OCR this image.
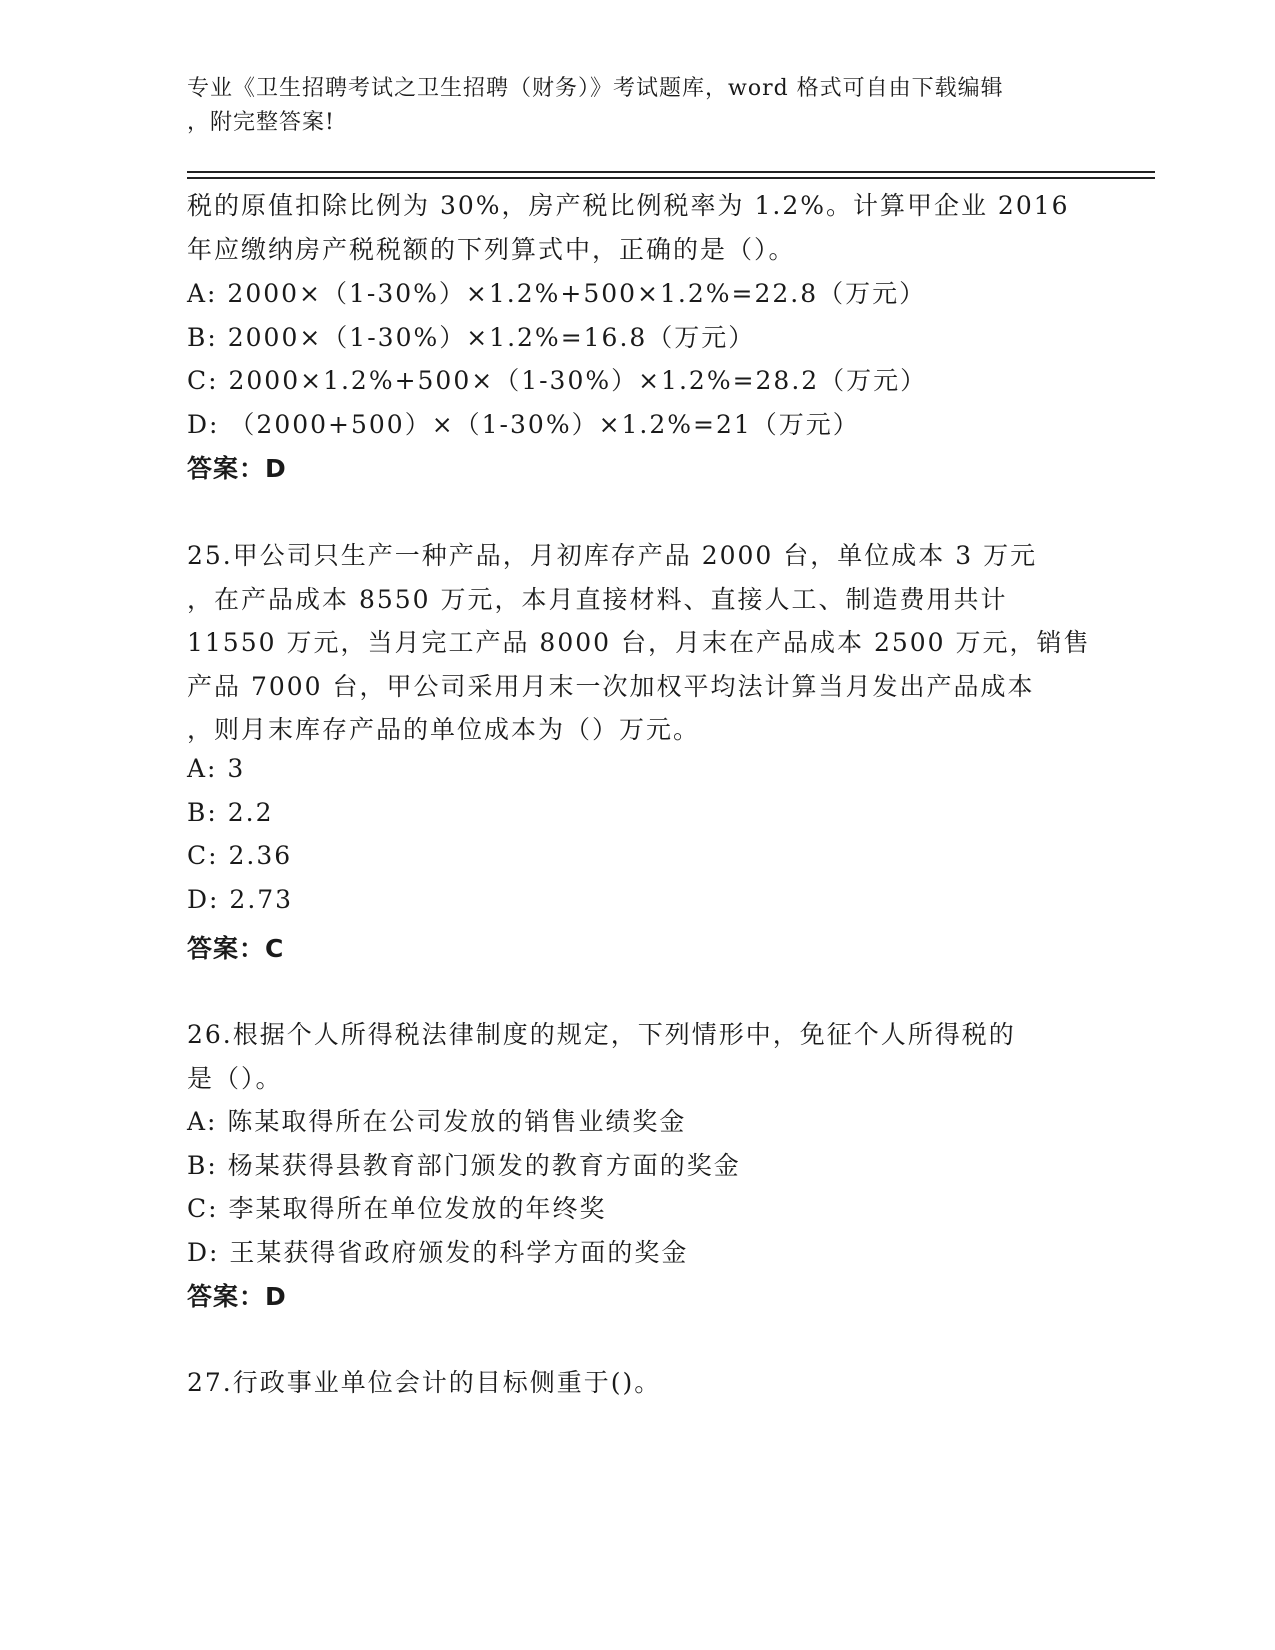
专业《卫生招聘考试之卫生招聘（财务）》考试题库，word 格式可自由下载编辑
，附完整答案!
税的原值扣除比例为 30%，房产税比例税率为 1.2%。计算甲企业 2016
年应缴纳房产税税额的下列算式中，正确的是（）。
A: 2000×（1-30%）×1.2%+500×1.2%=22.8（万元）
B: 2000×（1-30%）×1.2%=16.8（万元）
C: 2000×1.2%+500×（1-30%）×1.2%=28.2（万元）
D: （2000+500）×（1-30%）×1.2%=21（万元）
答案：D
25.甲公司只生产一种产品，月初库存产品 2000 台，单位成本 3 万元
，在产品成本 8550 万元，本月直接材料、直接人工、制造费用共计
11550 万元，当月完工产品 8000 台，月末在产品成本 2500 万元，销售
产品 7000 台，甲公司采用月末一次加权平均法计算当月发出产品成本
，则月末库存产品的单位成本为（）万元。
A: 3
B: 2.2
C: 2.36
D: 2.73
答案：C
26.根据个人所得税法律制度的规定，下列情形中，免征个人所得税的
是（）。
A: 陈某取得所在公司发放的销售业绩奖金
B: 杨某获得县教育部门颁发的教育方面的奖金
C: 李某取得所在单位发放的年终奖
D: 王某获得省政府颁发的科学方面的奖金
答案：D
27.行政事业单位会计的目标侧重于()。
